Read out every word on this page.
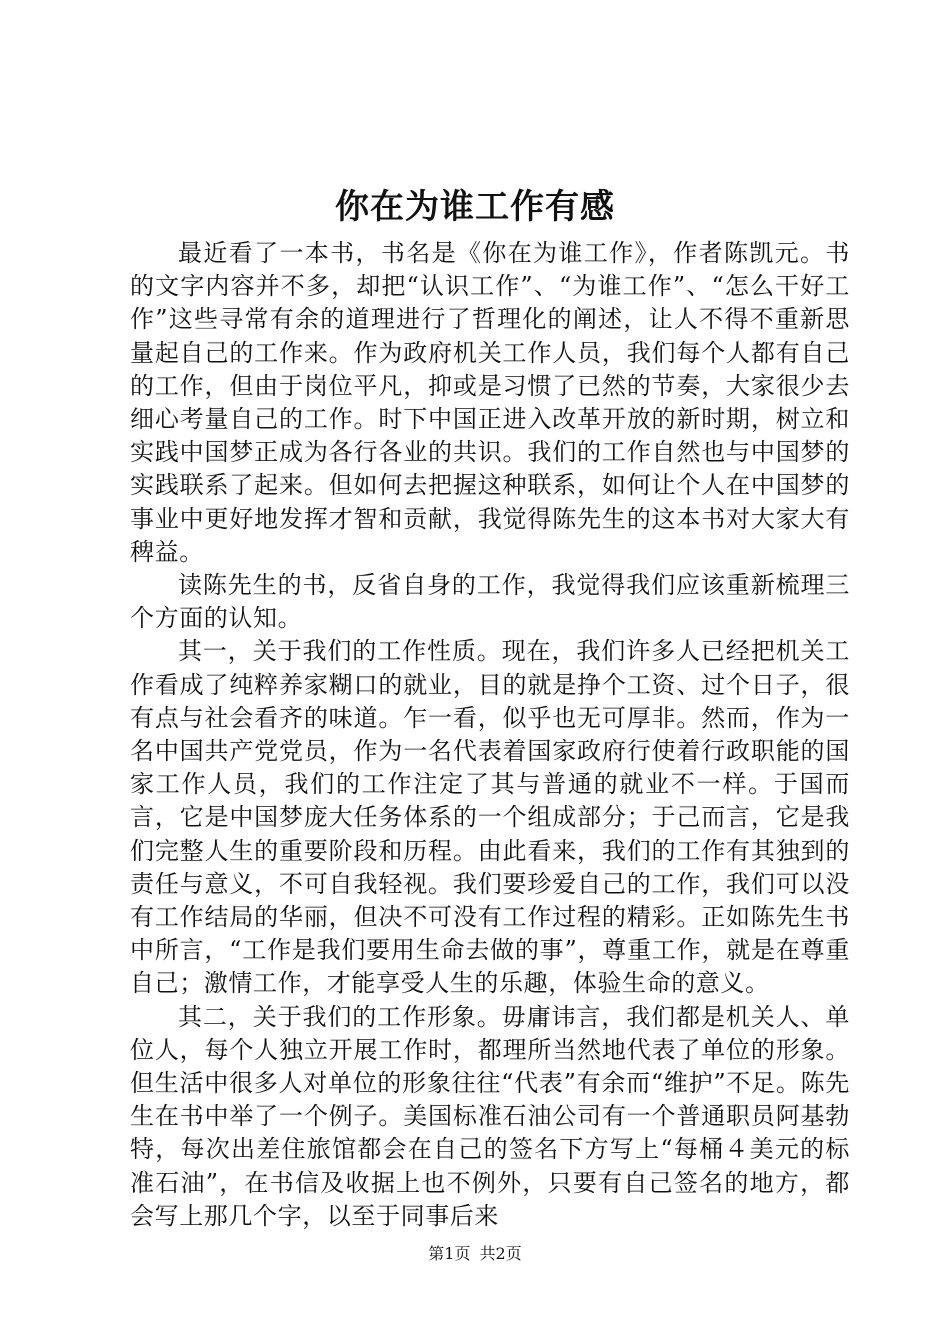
你在为谁工作有感

最近看了一本书，书名是《你在为谁工作》，作者陈凯元。书的文字内容并不多，却把“认识工作”、“为谁工作”、“怎么干好工作”这些寻常有余的道理进行了哲理化的阐述，让人不得不重新思量起自己的工作来。作为政府机关工作人员，我们每个人都有自己的工作，但由于岗位平凡，抑或是习惯了已然的节奏，大家很少去细心考量自己的工作。时下中国正进入改革开放的新时期，树立和实践中国梦正成为各行各业的共识。我们的工作自然也与中国梦的实践联系了起来。但如何去把握这种联系，如何让个人在中国梦的事业中更好地发挥才智和贡献，我觉得陈先生的这本书对大家大有稗益。

读陈先生的书，反省自身的工作，我觉得我们应该重新梳理三个方面的认知。

其一，关于我们的工作性质。现在，我们许多人已经把机关工作看成了纯粹养家糊口的就业，目的就是挣个工资、过个日子，很有点与社会看齐的味道。乍一看，似乎也无可厚非。然而，作为一名中国共产党党员，作为一名代表着国家政府行使着行政职能的国家工作人员，我们的工作注定了其与普通的就业不一样。于国而言，它是中国梦庞大任务体系的一个组成部分；于己而言，它是我们完整人生的重要阶段和历程。由此看来，我们的工作有其独到的责任与意义，不可自我轻视。我们要珍爱自己的工作，我们可以没有工作结局的华丽，但决不可没有工作过程的精彩。正如陈先生书中所言，“工作是我们要用生命去做的事”，尊重工作，就是在尊重自己；激情工作，才能享受人生的乐趣，体验生命的意义。

其二，关于我们的工作形象。毋庸讳言，我们都是机关人、单位人，每个人独立开展工作时，都理所当然地代表了单位的形象。但生活中很多人对单位的形象往往“代表”有余而“维护”不足。陈先生在书中举了一个例子。美国标准石油公司有一个普通职员阿基勃特，每次出差住旅馆都会在自己的签名下方写上“每桶４美元的标准石油”，在书信及收据上也不例外，只要有自己签名的地方，都会写上那几个字，以至于同事后来

第1页 共2页
